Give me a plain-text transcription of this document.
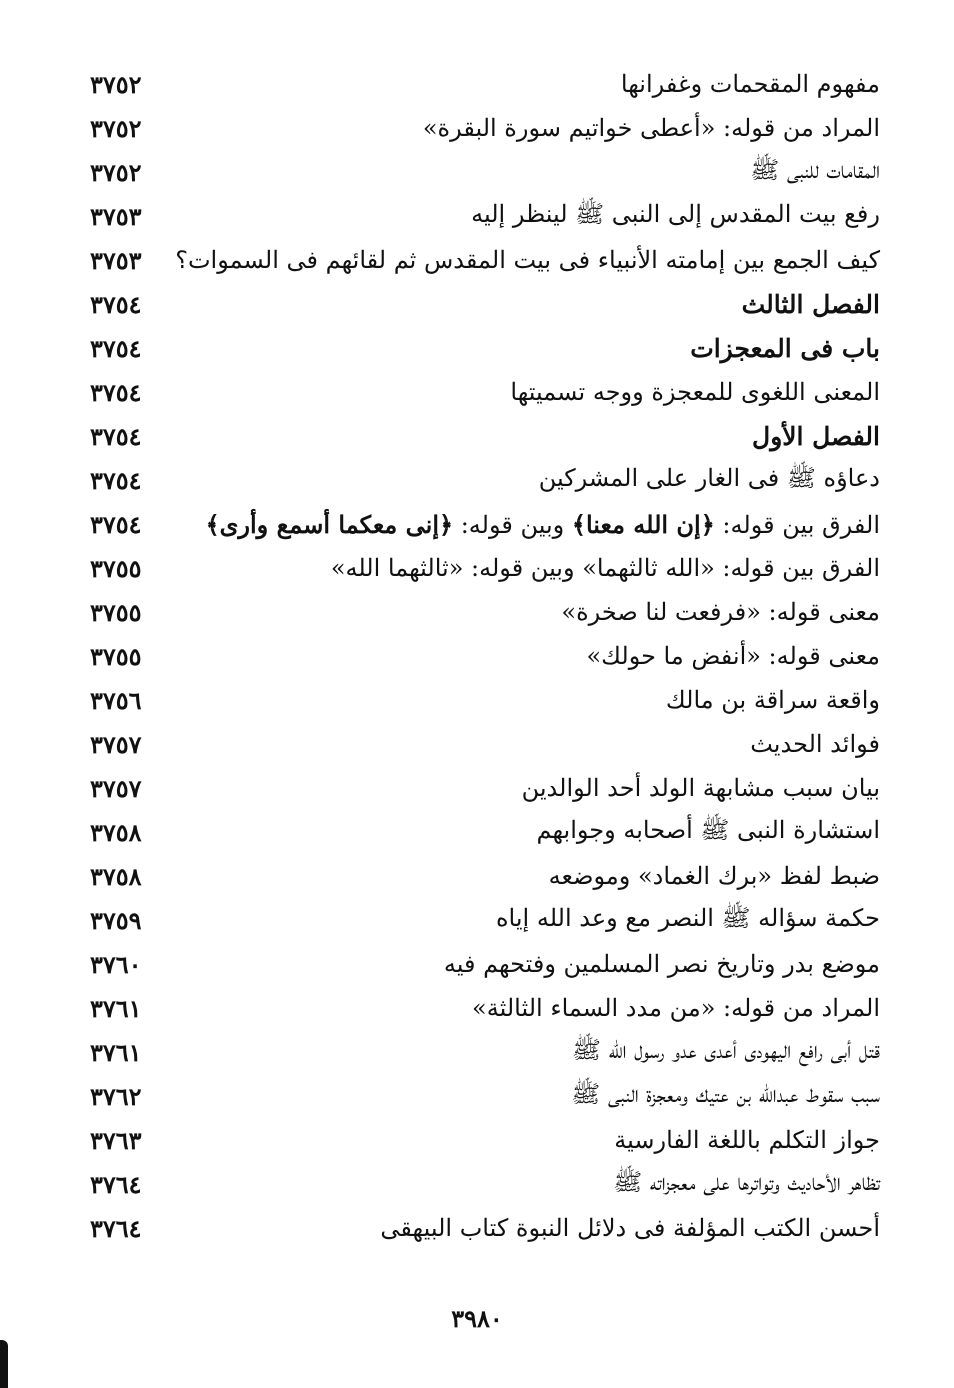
مفهوم المقحمات وغفرانها
٣٧٥٢
المراد من قوله: «أعطى خواتيم سورة البقرة»
٣٧٥٢
المقامات للنبى ﷺ
٣٧٥٢
رفع بيت المقدس إلى النبى ﷺ لينظر إليه
٣٧٥٣
كيف الجمع بين إمامته الأنبياء فى بيت المقدس ثم لقائهم فى السموات؟
٣٧٥٣
الفصل الثالث
٣٧٥٤
باب فى المعجزات
٣٧٥٤
المعنى اللغوى للمعجزة ووجه تسميتها
٣٧٥٤
الفصل الأول
٣٧٥٤
دعاؤه ﷺ فى الغار على المشركين
٣٧٥٤
الفرق بين قوله: ﴿إن الله معنا﴾ وبين قوله: ﴿إنى معكما أسمع وأرى﴾
٣٧٥٤
الفرق بين قوله: «الله ثالثهما» وبين قوله: «ثالثهما الله»
٣٧٥٥
معنى قوله: «فرفعت لنا صخرة»
٣٧٥٥
معنى قوله: «أنفض ما حولك»
٣٧٥٥
واقعة سراقة بن مالك
٣٧٥٦
فوائد الحديث
٣٧٥٧
بيان سبب مشابهة الولد أحد الوالدين
٣٧٥٧
استشارة النبى ﷺ أصحابه وجوابهم
٣٧٥٨
ضبط لفظ «برك الغماد» وموضعه
٣٧٥٨
حكمة سؤاله ﷺ النصر مع وعد الله إياه
٣٧٥٩
موضع بدر وتاريخ نصر المسلمين وفتحهم فيه
٣٧٦٠
المراد من قوله: «من مدد السماء الثالثة»
٣٧٦١
قتل أبى رافع اليهودى أعدى عدو رسول الله ﷺ
٣٧٦١
سبب سقوط عبدالله بن عتيك ومعجزة النبى ﷺ
٣٧٦٢
جواز التكلم باللغة الفارسية
٣٧٦٣
تظاهر الأحاديث وتواترها على معجزاته ﷺ
٣٧٦٤
أحسن الكتب المؤلفة فى دلائل النبوة كتاب البيهقى
٣٧٦٤
٣٩٨٠
